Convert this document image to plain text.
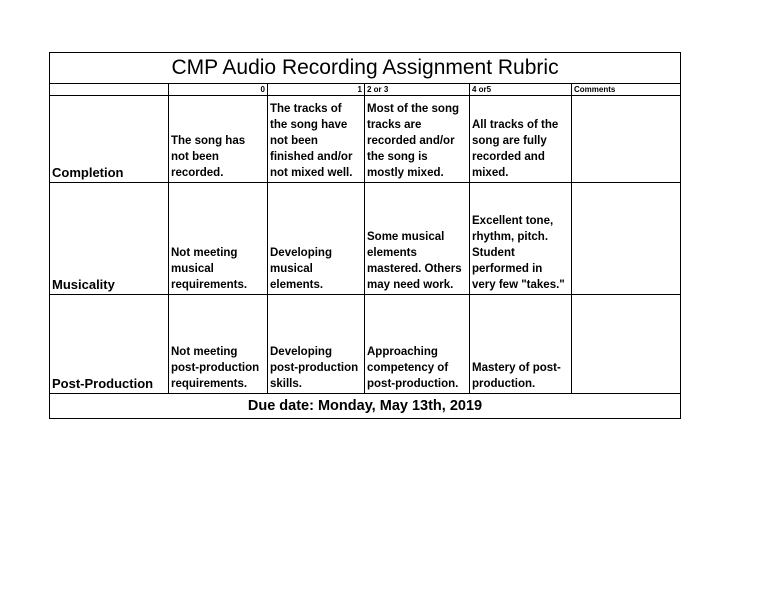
CMP Audio Recording Assignment Rubric					
	0	1	2 or 3	4 or5	Comments
Completion	The song has not been recorded.	The tracks of the song have not been finished and/or not mixed well.	Most of the song tracks are recorded and/or the song is mostly mixed.	All tracks of the song are fully recorded and mixed.	
Musicality	Not meeting musical requirements.	Developing musical elements.	Some musical elements mastered. Others may need work.	Excellent tone, rhythm, pitch. Student performed in very few "takes."	
Post-Production	Not meeting post-production requirements.	Developing post-production skills.	Approaching competency of post-production.	Mastery of post-production.	
Due date: Monday, May 13th, 2019					
